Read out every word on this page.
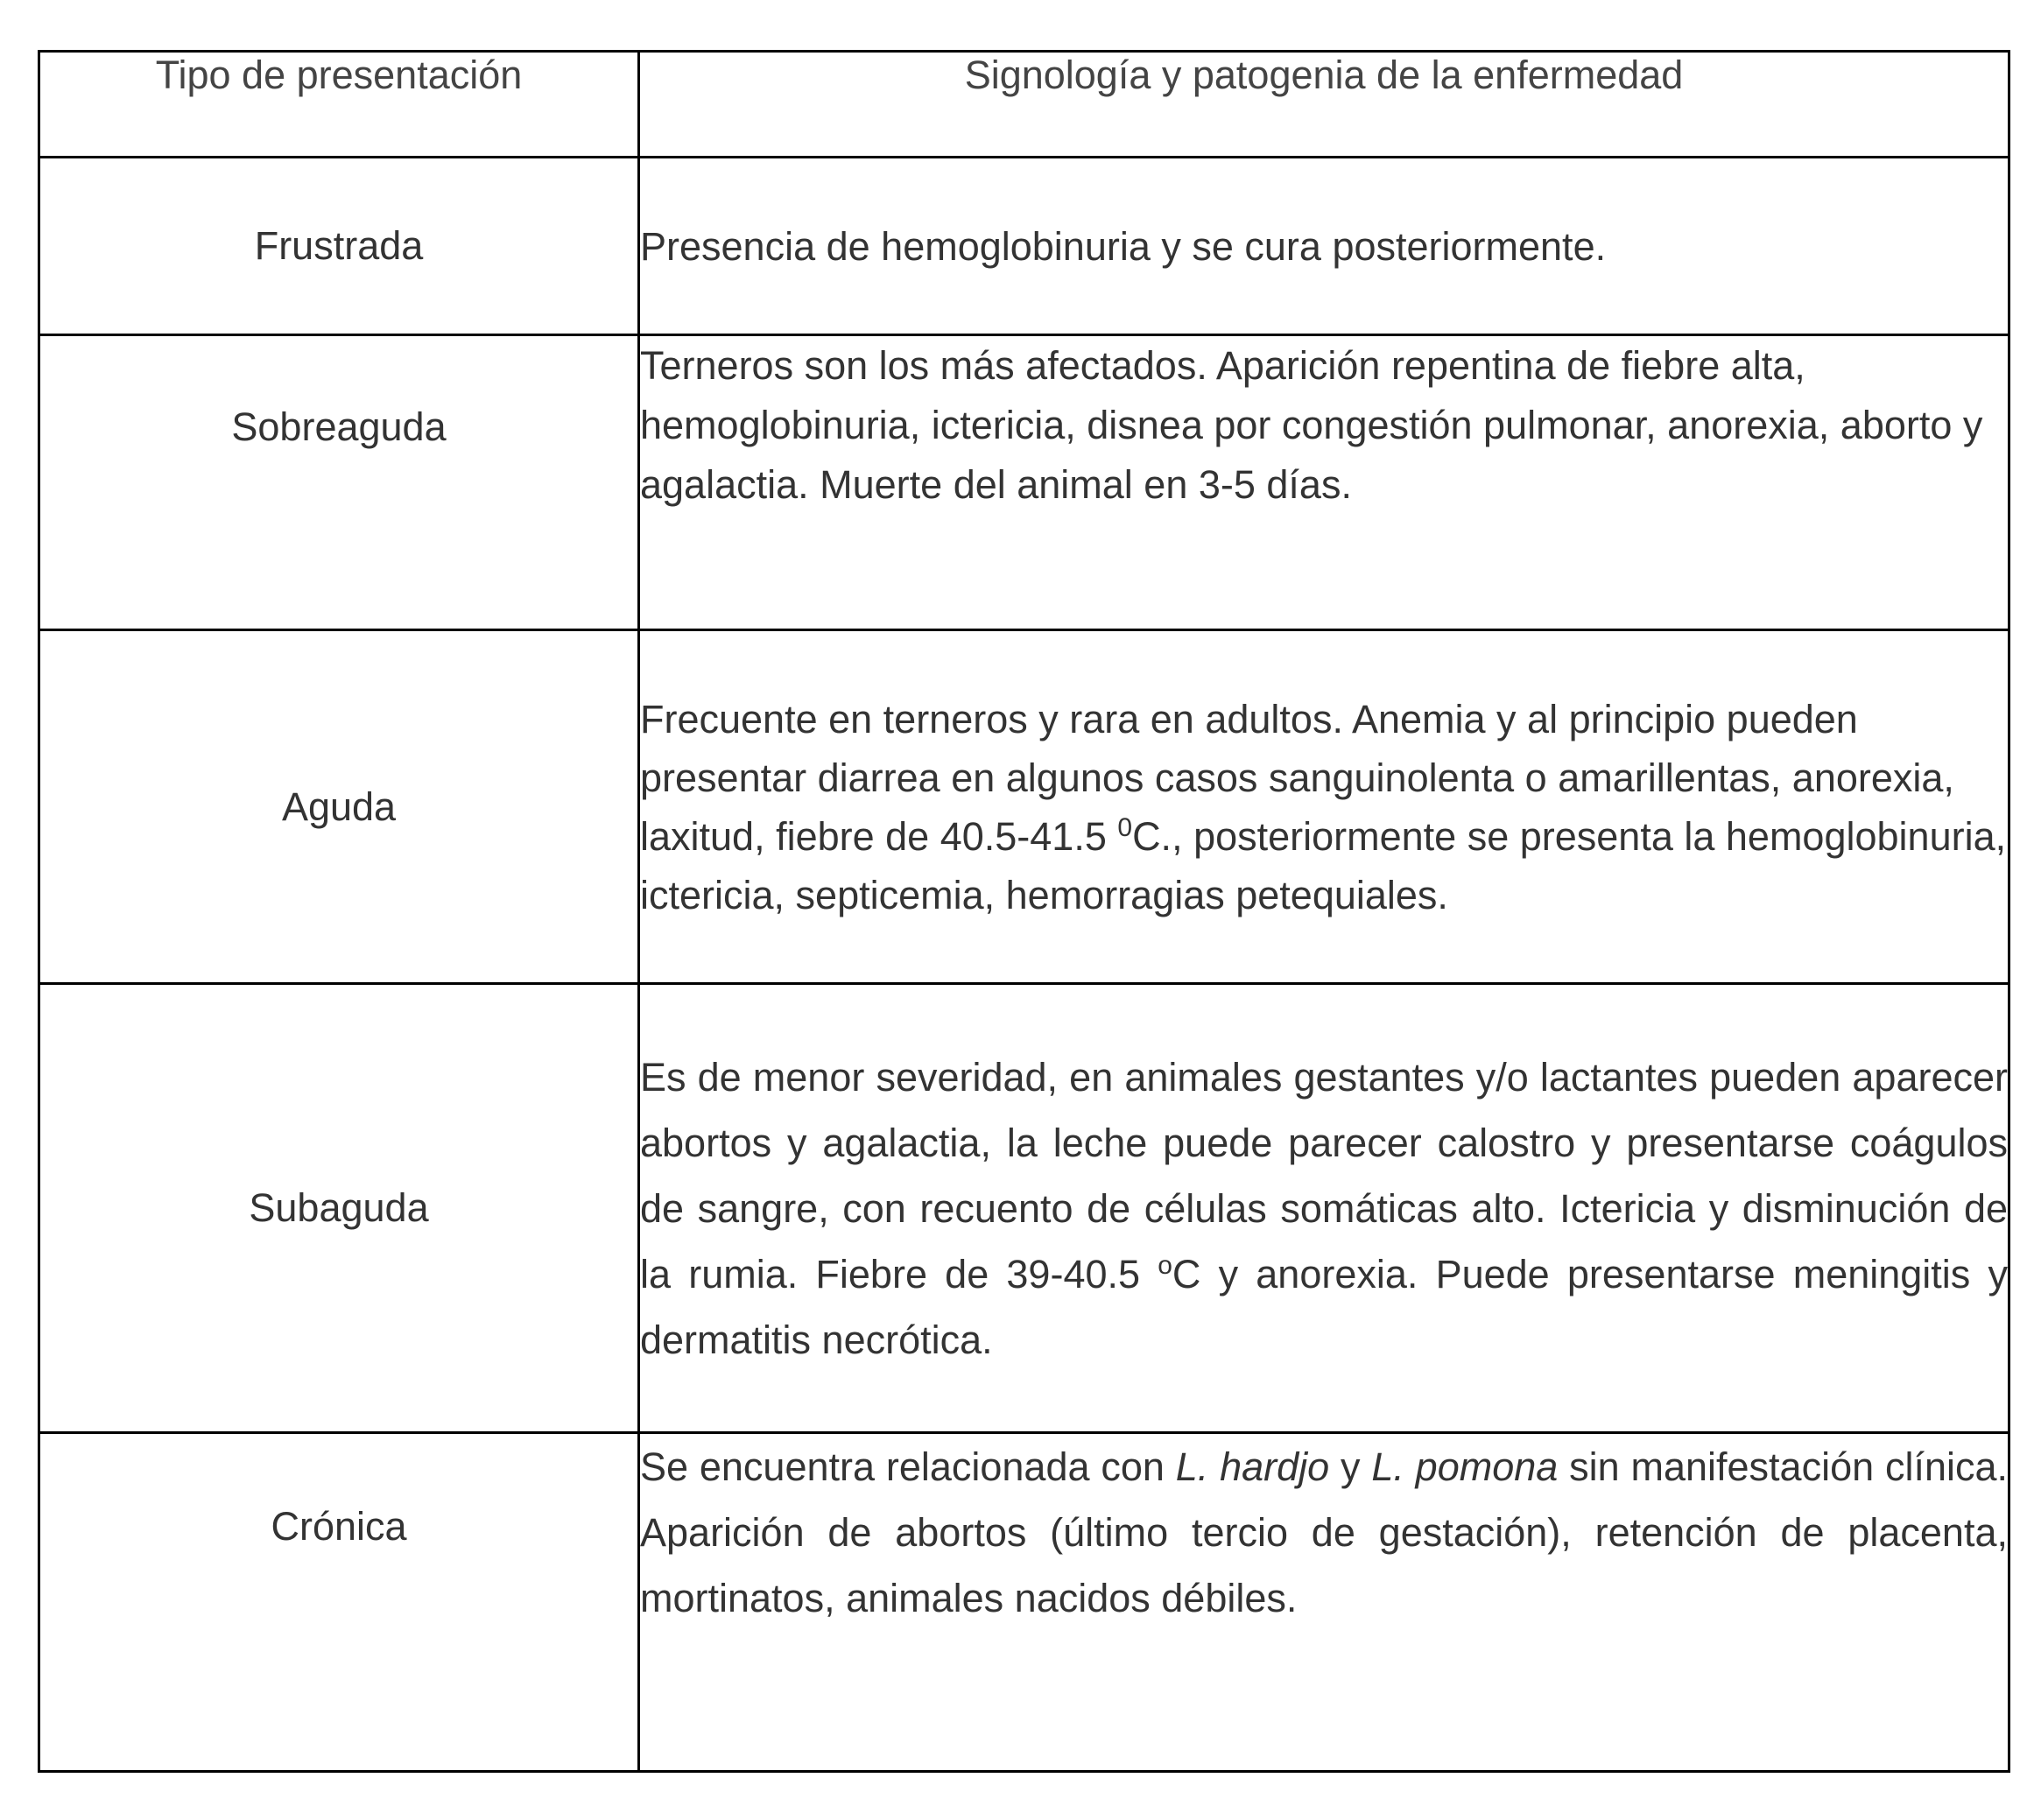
Tipo de presentación	Signología y patogenia de la enfermedad
Frustrada	Presencia de hemoglobinuria y se cura posteriormente.

Sobreaguda	Terneros son los más afectados. Aparición repentina de fiebre alta, hemoglobinuria, ictericia, disnea por congestión pulmonar, anorexia, aborto y agalactia. Muerte del animal en 3-5 días.
Aguda	Frecuente en terneros y rara en adultos. Anemia y al principio pueden presentar diarrea en algunos casos sanguinolenta o amarillentas, anorexia, laxitud, fiebre de 40.5-41.5 $^0$C., posteriormente se presenta la hemoglobinuria, ictericia, septicemia, hemorragias petequiales.
Subaguda	Es de menor severidad, en animales gestantes y/o lactantes pueden aparecer abortos y agalactia, la leche puede parecer calostro y presentarse coágulos de sangre, con recuento de células somáticas alto. Ictericia y disminución de la rumia. Fiebre de 39-40.5 $^o$C y anorexia. Puede presentarse meningitis y dermatitis necrótica.

Crónica	Se encuentra relacionada con L. hardjo y L. pomona sin manifestación clínica. Aparición de abortos (último tercio de gestación), retención de placenta, mortinatos, animales nacidos débiles.
